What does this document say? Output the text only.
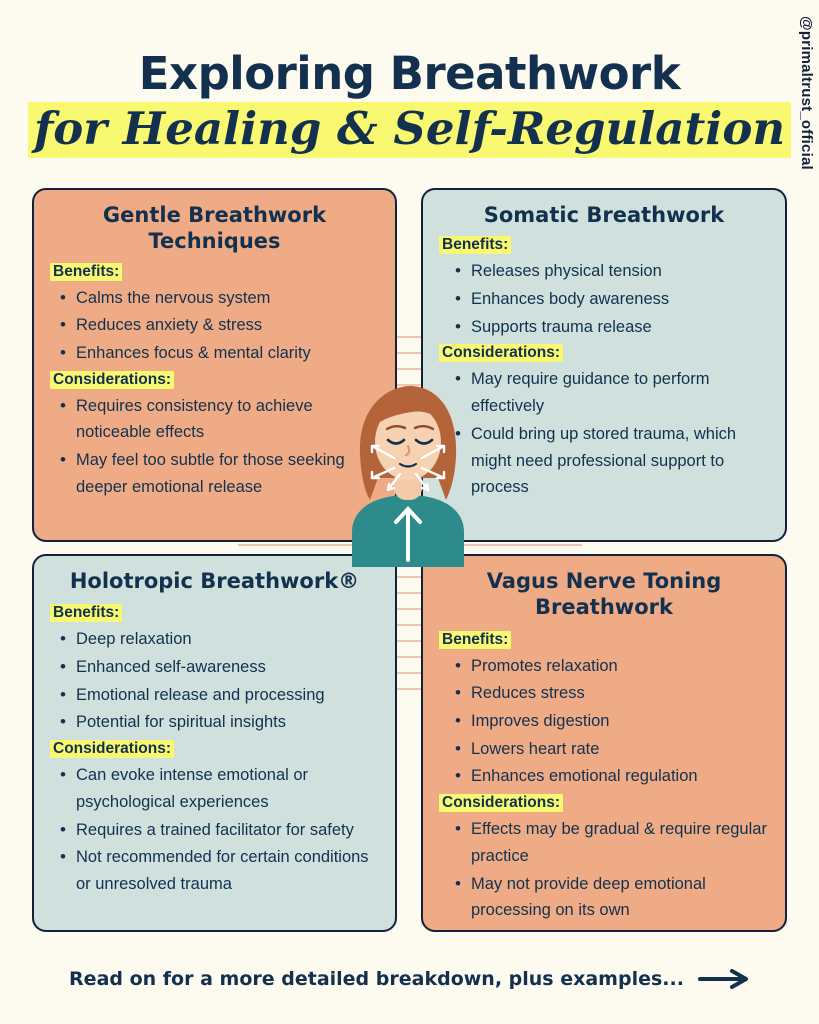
@primaltrust_official
Exploring Breathwork
for Healing & Self-Regulation
Gentle Breathwork Techniques
Benefits:
• Calms the nervous system
• Reduces anxiety & stress
• Enhances focus & mental clarity
Considerations:
• Requires consistency to achieve noticeable effects
• May feel too subtle for those seeking deeper emotional release
Somatic Breathwork
Benefits:
• Releases physical tension
• Enhances body awareness
• Supports trauma release
Considerations:
• May require guidance to perform effectively
• Could bring up stored trauma, which might need professional support to process
Holotropic Breathwork®
Benefits:
• Deep relaxation
• Enhanced self-awareness
• Emotional release and processing
• Potential for spiritual insights
Considerations:
• Can evoke intense emotional or psychological experiences
• Requires a trained facilitator for safety
• Not recommended for certain conditions or unresolved trauma
Vagus Nerve Toning Breathwork
Benefits:
• Promotes relaxation
• Reduces stress
• Improves digestion
• Lowers heart rate
• Enhances emotional regulation
Considerations:
• Effects may be gradual & require regular practice
• May not provide deep emotional processing on its own
Read on for a more detailed breakdown, plus examples...
